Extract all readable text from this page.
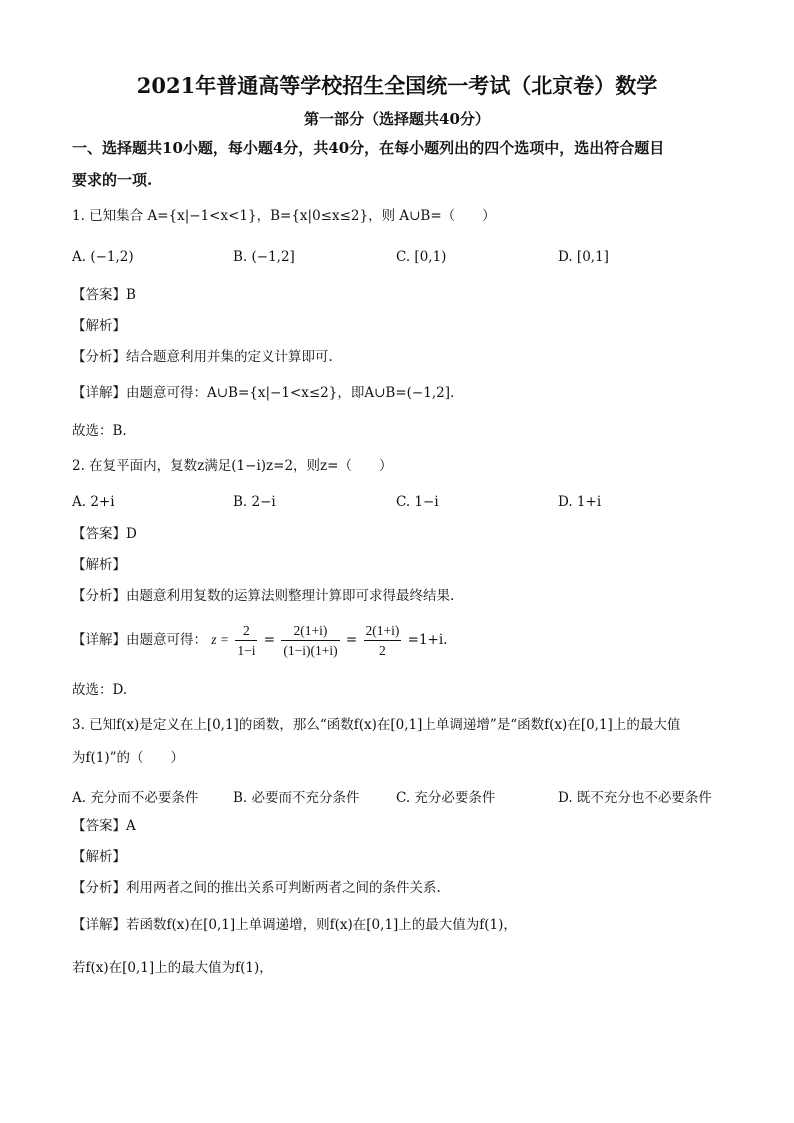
2021年普通高等学校招生全国统一考试（北京卷）数学
第一部分（选择题共40分）
一、选择题共10小题，每小题4分，共40分，在每小题列出的四个选项中，选出符合题目
要求的一项.
1. 已知集合 A={x|−1<x<1}，B={x|0≤x≤2}，则 A∪B=（　　）
A. (−1,2)	B. (−1,2]	C. [0,1)	D. [0,1]
【答案】B
【解析】
【分析】结合题意利用并集的定义计算即可.
【详解】由题意可得：A∪B={x|−1<x≤2}，即A∪B=(−1,2].
故选：B.
2. 在复平面内，复数z满足(1−i)z=2，则z=（　　）
A. 2+i	B. 2−i	C. 1−i	D. 1+i
【答案】D
【解析】
【分析】由题意利用复数的运算法则整理计算即可求得最终结果.
【详解】由题意可得： $z = \frac{2}{1-i} = \frac{2(1+i)}{(1-i)(1+i)} = \frac{2(1+i)}{2} =1+i$.
故选：D.
3. 已知f(x)是定义在上[0,1]的函数，那么“函数f(x)在[0,1]上单调递增”是“函数f(x)在[0,1]上的最大值
为f(1)”的（　　）
A. 充分而不必要条件	B. 必要而不充分条件	C. 充分必要条件	D. 既不充分也不必要条件
【答案】A
【解析】
【分析】利用两者之间的推出关系可判断两者之间的条件关系.
【详解】若函数f(x)在[0,1]上单调递增，则f(x)在[0,1]上的最大值为f(1)，
若f(x)在[0,1]上的最大值为f(1)，
